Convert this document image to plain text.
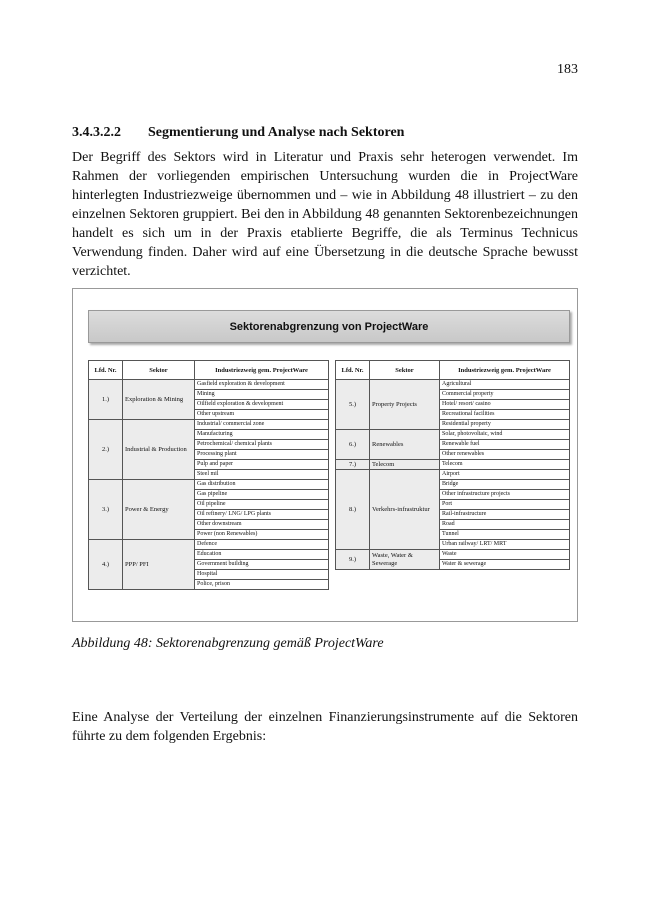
183
3.4.3.2.2 Segmentierung und Analyse nach Sektoren
Der Begriff des Sektors wird in Literatur und Praxis sehr heterogen verwendet. Im Rahmen der vorliegenden empirischen Untersuchung wurden die in ProjectWare hinterlegten Industriezweige übernommen und – wie in Abbildung 48 illustriert – zu den einzelnen Sektoren gruppiert. Bei den in Abbildung 48 genannten Sektorenbezeichnungen handelt es sich um in der Praxis etablierte Begriffe, die als Terminus Technicus Verwendung finden. Daher wird auf eine Übersetzung in die deutsche Sprache bewusst verzichtet.
Sektorenabgrenzung von ProjectWare
Lfd. Nr.	Sektor	Industriezweig gem. ProjectWare
1.)	Exploration & Mining	Gasfield exploration & development
		Mining
		Oilfield exploration & development
		Other upstream
2.)	Industrial & Production	Industrial/ commercial zone
		Manufacturing
		Petrochemical/ chemical plants
		Processing plant
		Pulp and paper
		Steel mil
3.)	Power & Energy	Gas distribution
		Gas pipeline
		Oil pipeline
		Oil refinery/ LNG/ LPG plants
		Other downstream
		Power (non Renewables)
4.)	PPP/ PFI	Defence
		Education
		Government building
		Hospital
		Police, prison
Lfd. Nr.	Sektor	Industriezweig gem. ProjectWare
5.)	Property Projects	Agricultural
		Commercial property
		Hotel/ resort/ casino
		Recreational facilities
		Residential property
6.)	Renewables	Solar, photovoltaic, wind
		Renewable fuel
		Other renewables
7.)	Telecom	Telecom
8.)	Verkehrs-infrastruktur	Airport
		Bridge
		Other infrastructure projects
		Port
		Rail-infrastructure
		Road
		Tunnel
		Urban railway/ LRT/ MRT
9.)	Waste, Water & Sewerage	Waste
		Water & sewerage
Abbildung 48: Sektorenabgrenzung gemäß ProjectWare
Eine Analyse der Verteilung der einzelnen Finanzierungsinstrumente auf die Sektoren führte zu dem folgenden Ergebnis:
